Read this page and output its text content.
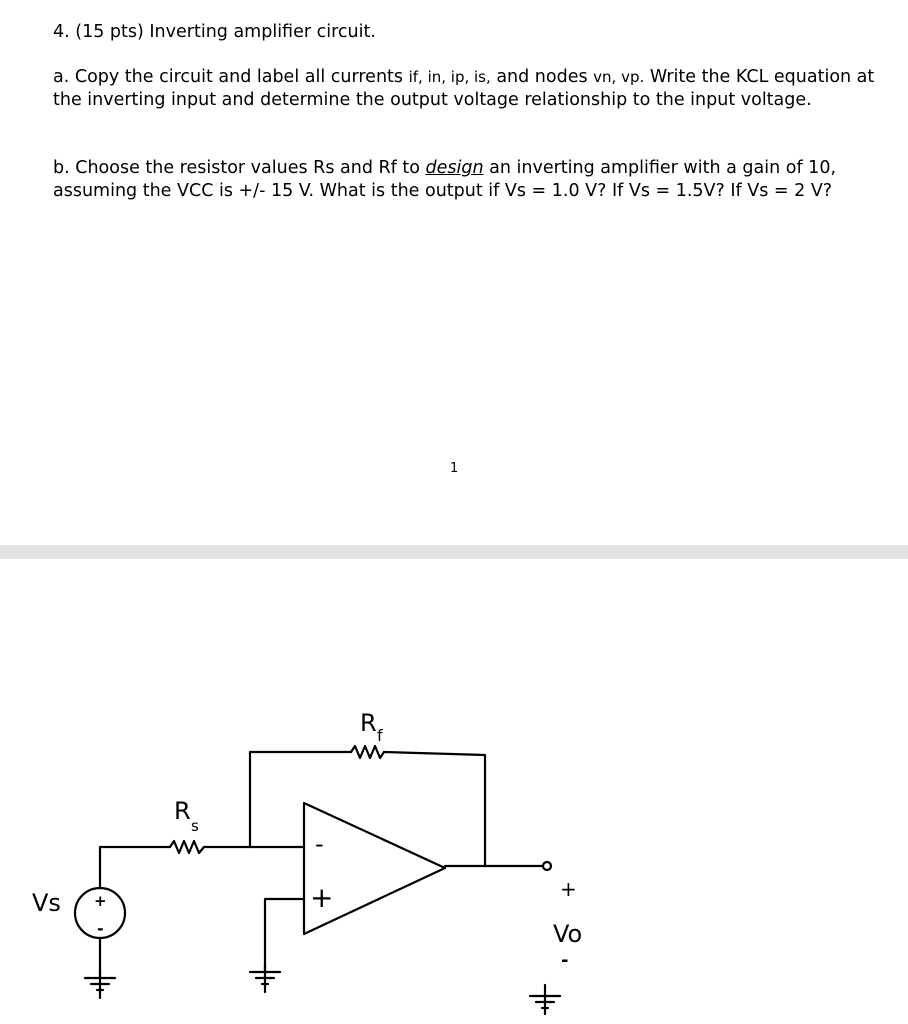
4. (15 pts) Inverting amplifier circuit.
a. Copy the circuit and label all currents if, in, ip, is, and nodes vn, vp. Write the KCL equation at the inverting input and determine the output voltage relationship to the input voltage.
b. Choose the resistor values Rs and Rf to design an inverting amplifier with a gain of 10, assuming the VCC is +/- 15 V. What is the output if Vs = 1.0 V? If Vs = 1.5V? If Vs = 2 V?
1
R f
R
s
Vs +
-
-
+	+
Vo
-
